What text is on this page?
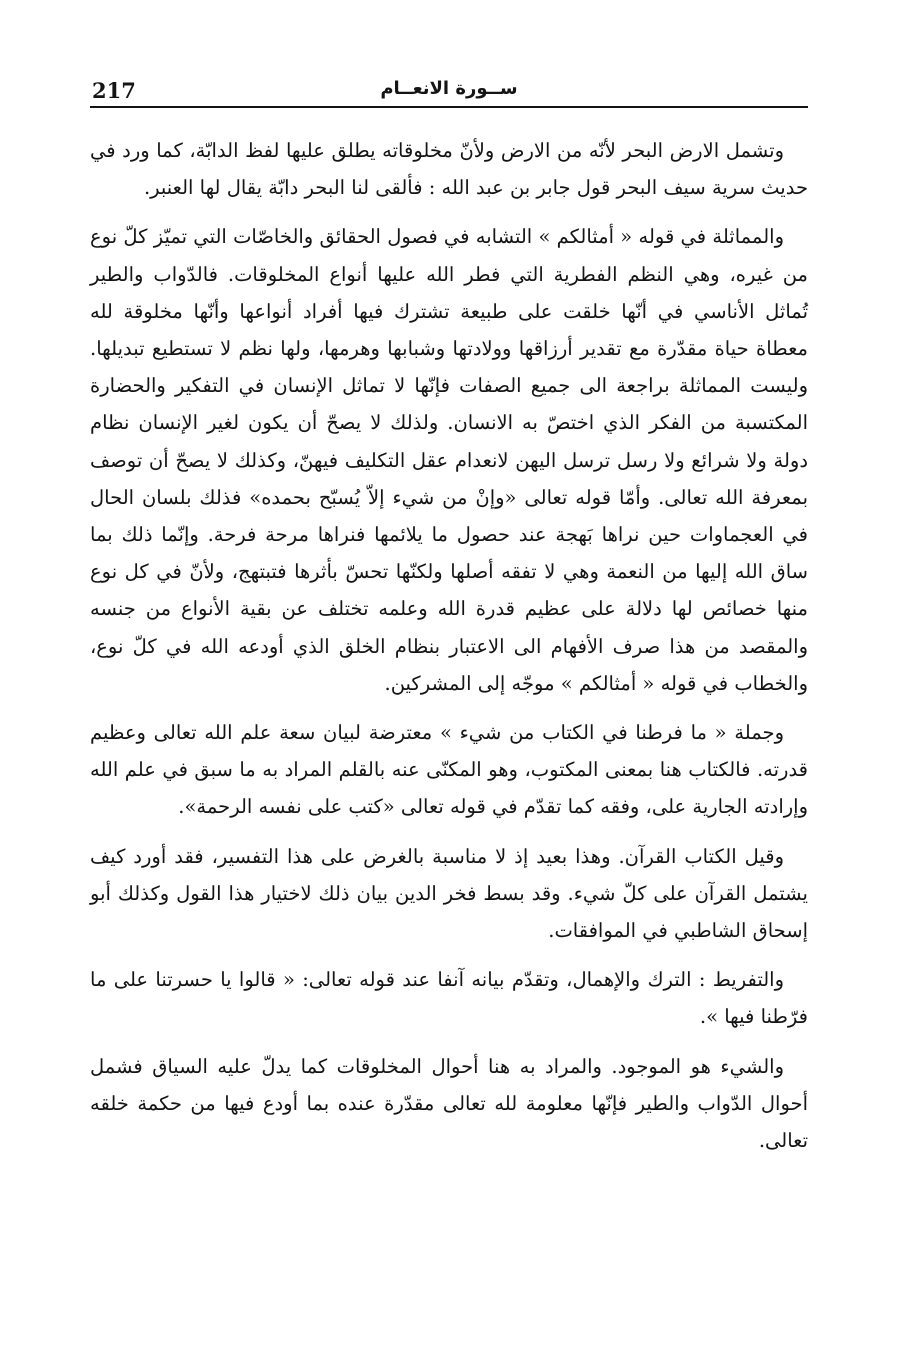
217	ســورة الانعــام

وتشمل الارض البحر لأنّه من الارض ولأنّ مخلوقاته يطلق عليها لفظ الدابّة، كما ورد في حديث سرية سيف البحر قول جابر بن عبد الله : فألقى لنا البحر دابّة يقال لها العنبر.

والمماثلة في قوله « أمثالكم » التشابه في فصول الحقائق والخاصّات التي تميّز كلّ نوع من غيره، وهي النظم الفطرية التي فطر الله عليها أنواع المخلوقات. فالدّواب والطير تُماثل الأناسي في أنّها خلقت على طبيعة تشترك فيها أفراد أنواعها وأنّها مخلوقة لله معطاة حياة مقدّرة مع تقدير أرزاقها وولادتها وشبابها وهرمها، ولها نظم لا تستطيع تبديلها. وليست المماثلة براجعة الى جميع الصفات فإنّها لا تماثل الإنسان في التفكير والحضارة المكتسبة من الفكر الذي اختصّ به الانسان. ولذلك لا يصحّ أن يكون لغير الإنسان نظام دولة ولا شرائع ولا رسل ترسل اليهن لانعدام عقل التكليف فيهنّ، وكذلك لا يصحّ أن توصف بمعرفة الله تعالى. وأمّا قوله تعالى «وإنْ من شيء إلاّ يُسبّح بحمده» فذلك بلسان الحال في العجماوات حين نراها بَهجة عند حصول ما يلائمها فنراها مرحة فرحة. وإنّما ذلك بما ساق الله إليها من النعمة وهي لا تفقه أصلها ولكنّها تحسّ بأثرها فتبتهج، ولأنّ في كل نوع منها خصائص لها دلالة على عظيم قدرة الله وعلمه تختلف عن بقية الأنواع من جنسه والمقصد من هذا صرف الأفهام الى الاعتبار بنظام الخلق الذي أودعه الله في كلّ نوع، والخطاب في قوله « أمثالكم » موجّه إلى المشركين.

وجملة « ما فرطنا في الكتاب من شيء » معترضة لبيان سعة علم الله تعالى وعظيم قدرته. فالكتاب هنا بمعنى المكتوب، وهو المكنّى عنه بالقلم المراد به ما سبق في علم الله وإرادته الجارية على، وفقه كما تقدّم في قوله تعالى «كتب على نفسه الرحمة».

وقيل الكتاب القرآن. وهذا بعيد إذ لا مناسبة بالغرض على هذا التفسير، فقد أورد كيف يشتمل القرآن على كلّ شيء. وقد بسط فخر الدين بيان ذلك لاختيار هذا القول وكذلك أبو إسحاق الشاطبي في الموافقات.

والتفريط : الترك والإهمال، وتقدّم بيانه آنفا عند قوله تعالى: « قالوا يا حسرتنا على ما فرّطنا فيها ».

والشيء هو الموجود. والمراد به هنا أحوال المخلوقات كما يدلّ عليه السياق فشمل أحوال الدّواب والطير فإنّها معلومة لله تعالى مقدّرة عنده بما أودع فيها من حكمة خلقه تعالى.
